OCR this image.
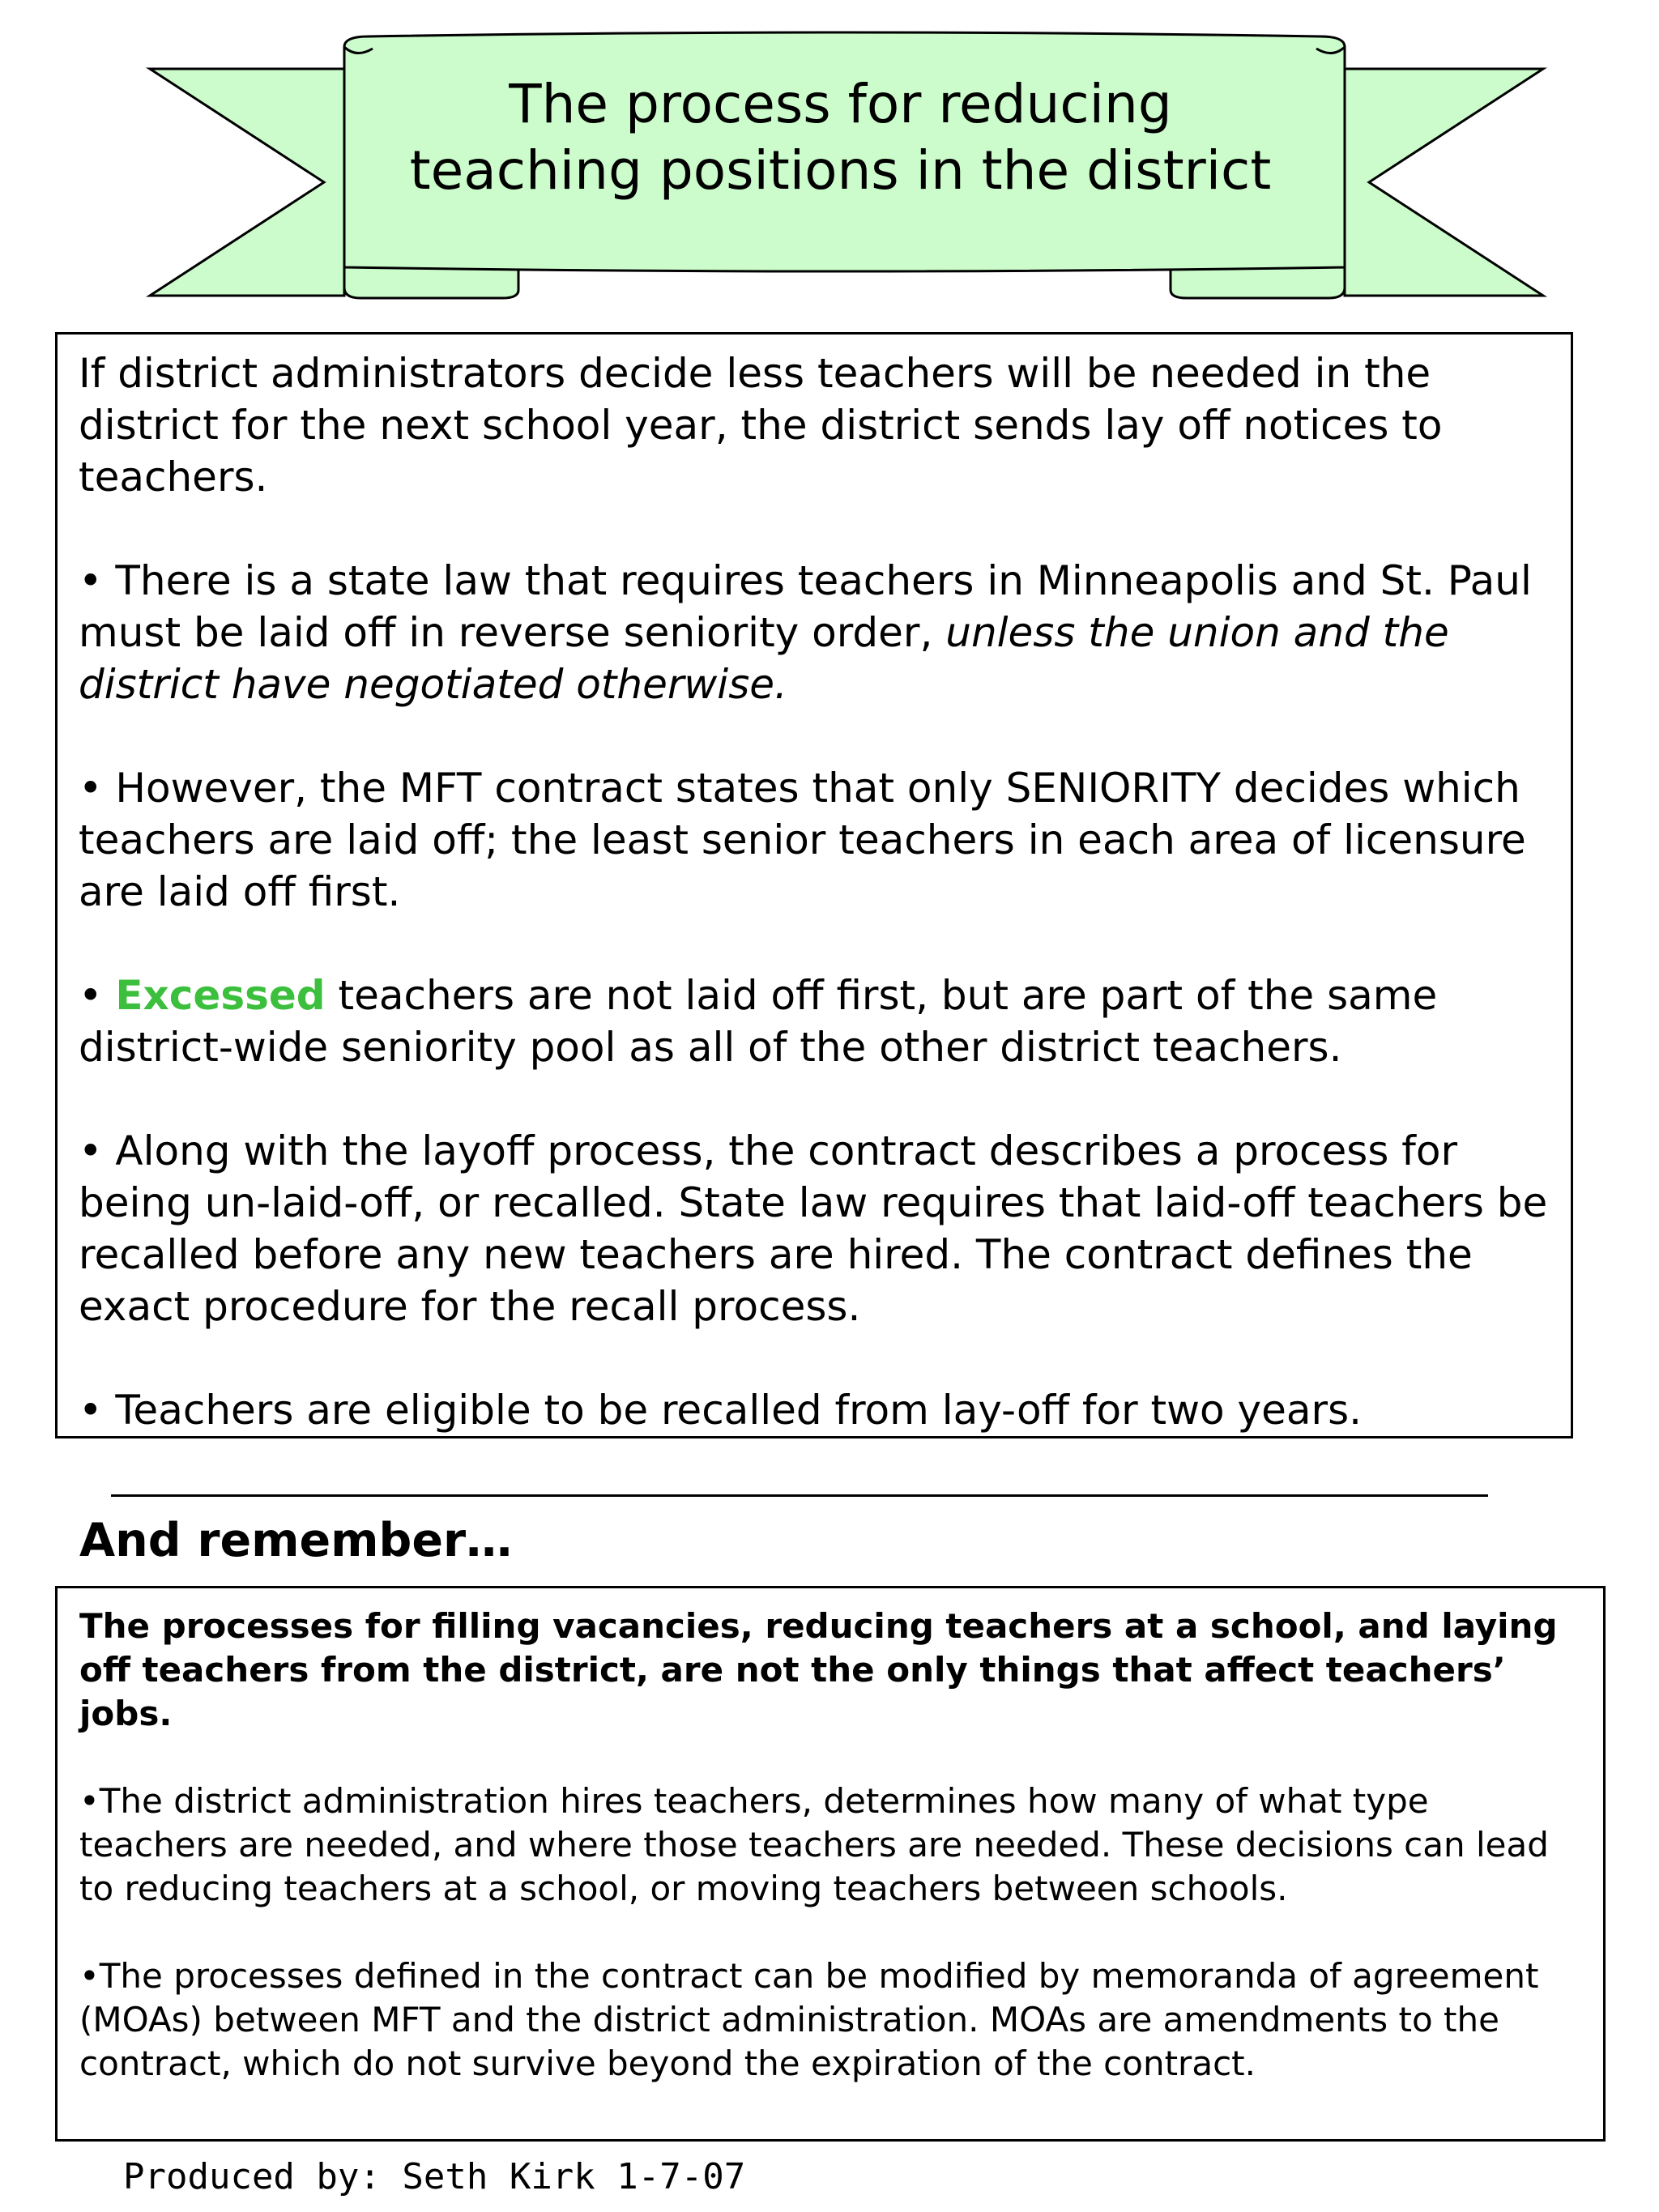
The process for reducing
teaching positions in the district

If district administrators decide less teachers will be needed in the district for the next school year, the district sends lay off notices to teachers.

• There is a state law that requires teachers in Minneapolis and St. Paul must be laid off in reverse seniority order, unless the union and the district have negotiated otherwise.

• However, the MFT contract states that only SENIORITY decides which teachers are laid off; the least senior teachers in each area of licensure are laid off first.

• Excessed teachers are not laid off first, but are part of the same district-wide seniority pool as all of the other district teachers.

• Along with the layoff process, the contract describes a process for being un-laid-off, or recalled. State law requires that laid-off teachers be recalled before any new teachers are hired. The contract defines the exact procedure for the recall process.

• Teachers are eligible to be recalled from lay-off for two years.

And remember…

The processes for filling vacancies, reducing teachers at a school, and laying off teachers from the district, are not the only things that affect teachers’ jobs.

•The district administration hires teachers, determines how many of what type teachers are needed, and where those teachers are needed. These decisions can lead to reducing teachers at a school, or moving teachers between schools.

•The processes defined in the contract can be modified by memoranda of agreement (MOAs) between MFT and the district administration. MOAs are amendments to the contract, which do not survive beyond the expiration of the contract.

Produced by: Seth Kirk 1-7-07
